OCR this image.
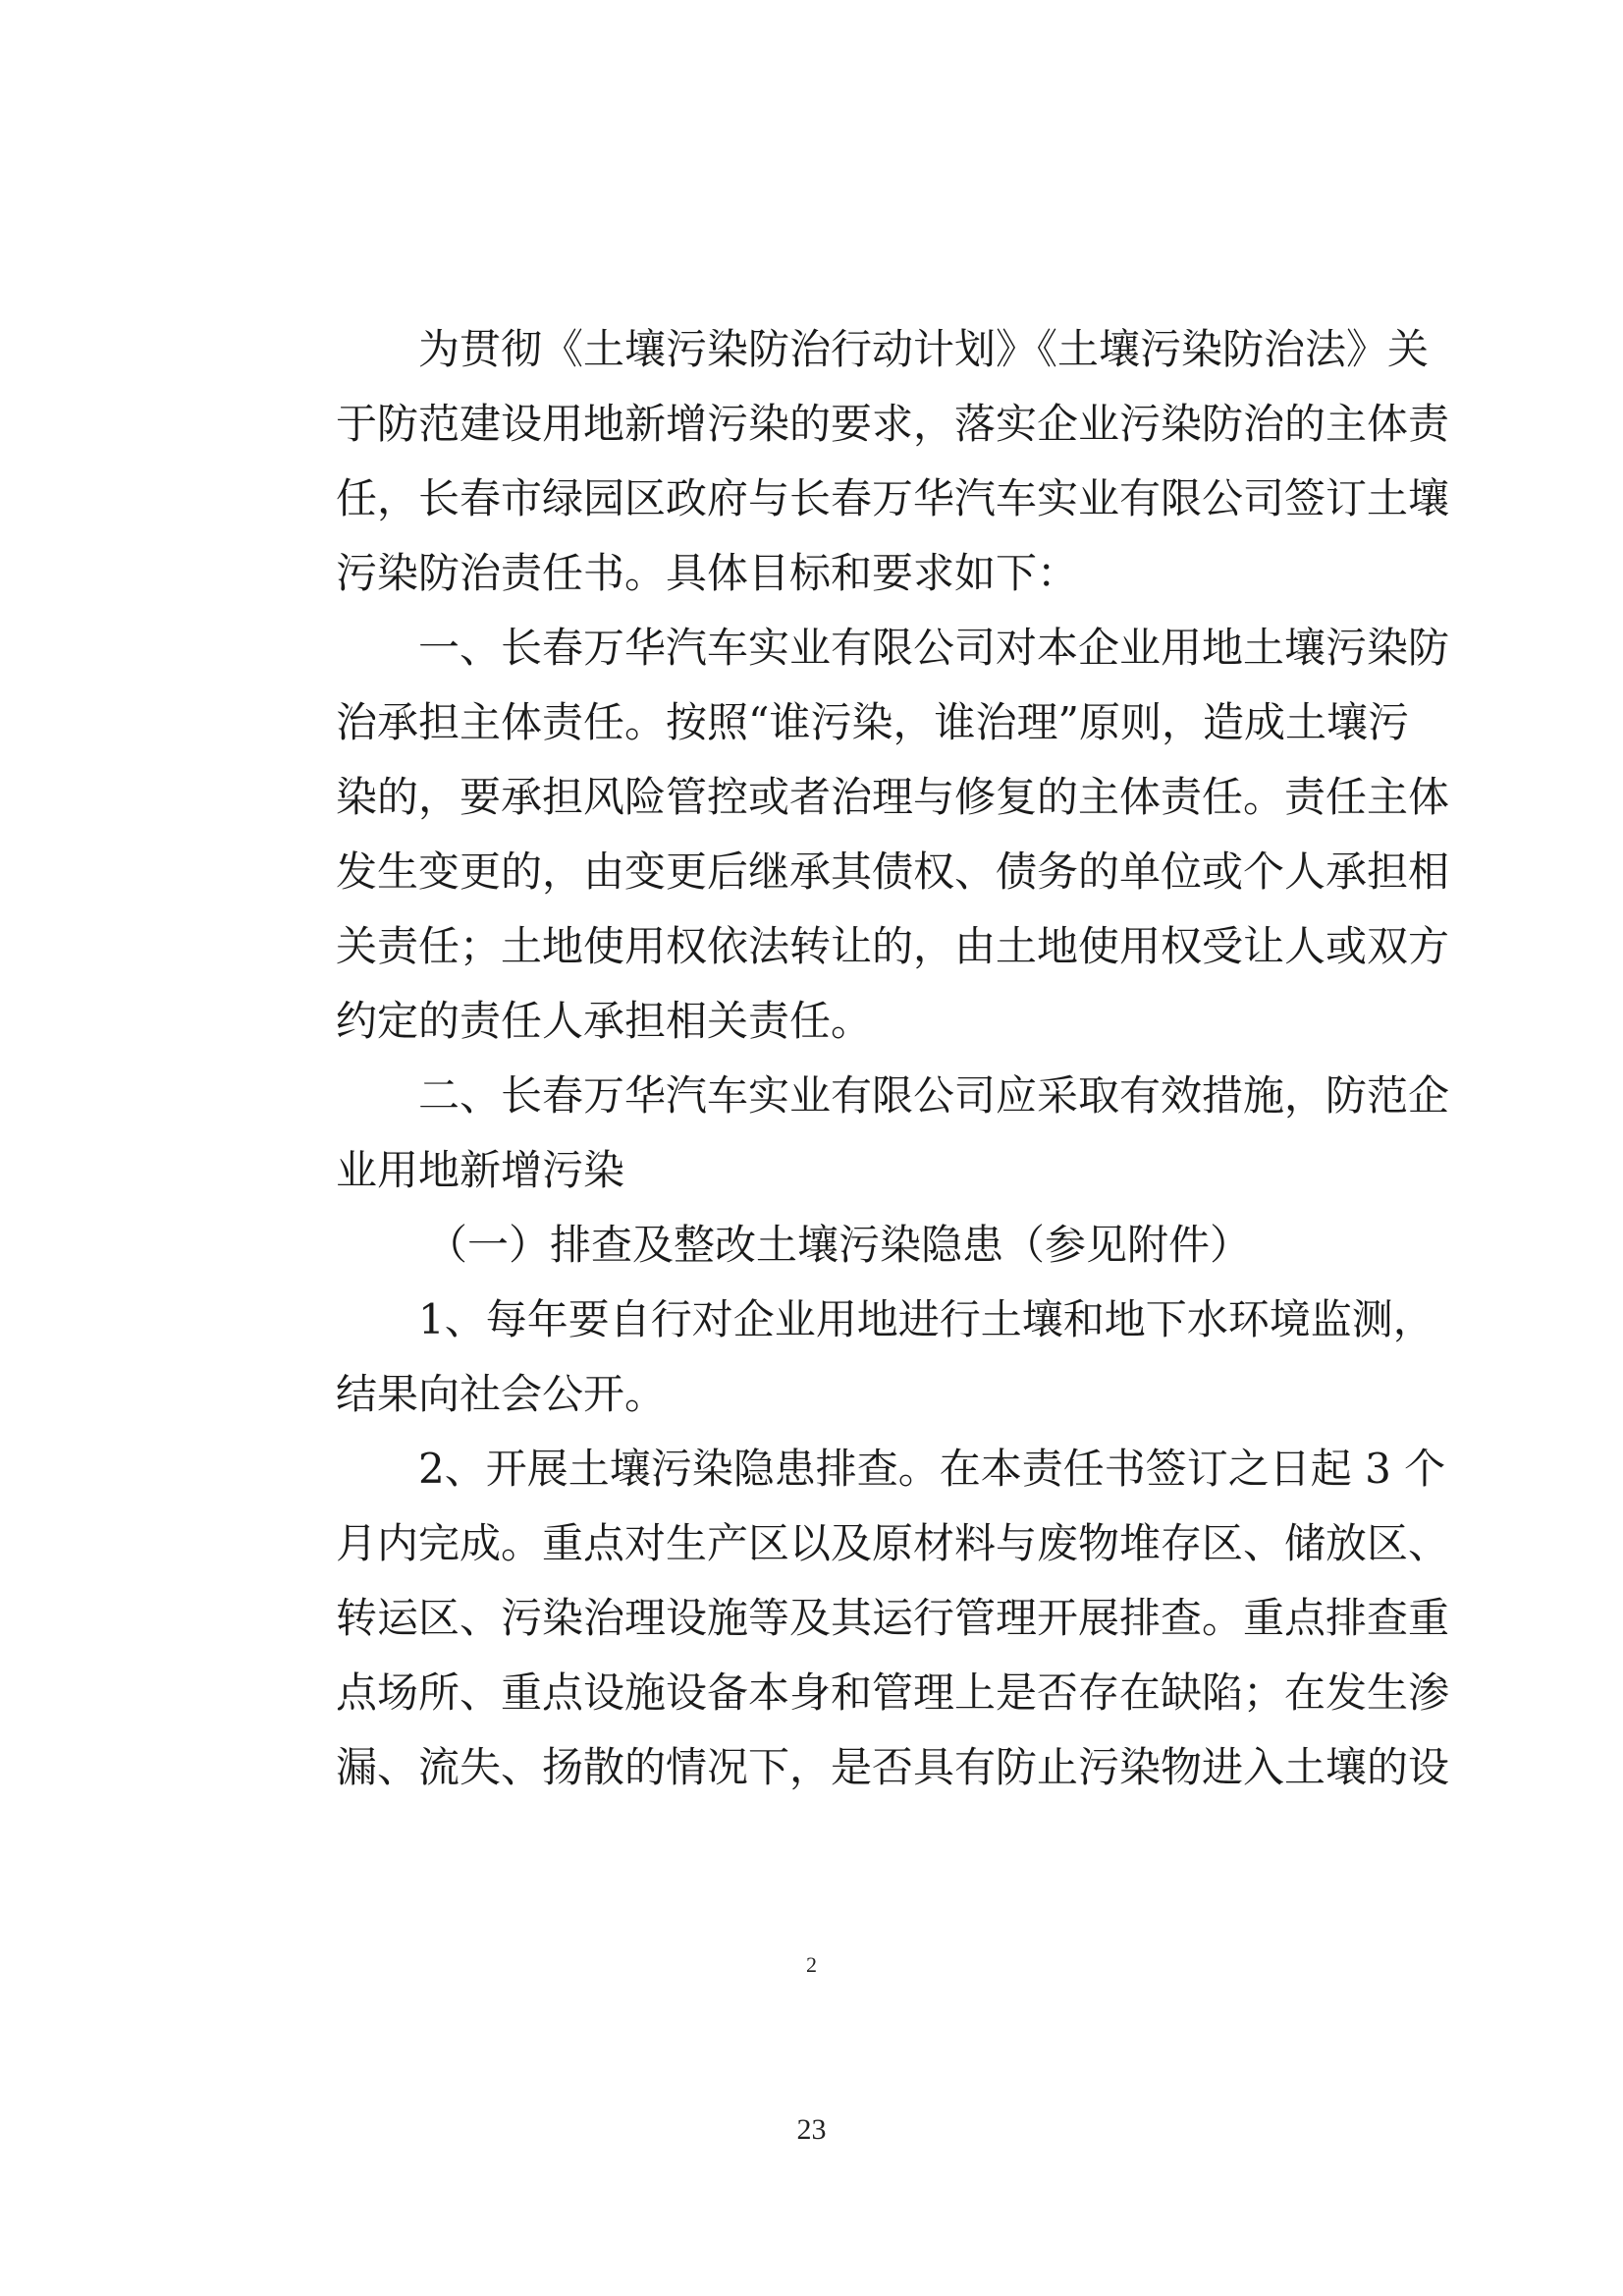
为贯彻《土壤污染防治行动计划》《土壤污染防治法》关
于防范建设用地新增污染的要求，落实企业污染防治的主体责
任，长春市绿园区政府与长春万华汽车实业有限公司签订土壤
污染防治责任书。具体目标和要求如下：
一、长春万华汽车实业有限公司对本企业用地土壤污染防
治承担主体责任。按照“谁污染，谁治理”原则，造成土壤污
染的，要承担风险管控或者治理与修复的主体责任。责任主体
发生变更的，由变更后继承其债权、债务的单位或个人承担相
关责任；土地使用权依法转让的，由土地使用权受让人或双方
约定的责任人承担相关责任。
二、长春万华汽车实业有限公司应采取有效措施，防范企
业用地新增污染
（一）排查及整改土壤污染隐患（参见附件）
1、每年要自行对企业用地进行土壤和地下水环境监测，
结果向社会公开。
2、开展土壤污染隐患排查。在本责任书签订之日起 3 个
月内完成。重点对生产区以及原材料与废物堆存区、储放区、
转运区、污染治理设施等及其运行管理开展排查。重点排查重
点场所、重点设施设备本身和管理上是否存在缺陷；在发生渗
漏、流失、扬散的情况下，是否具有防止污染物进入土壤的设
2
23
